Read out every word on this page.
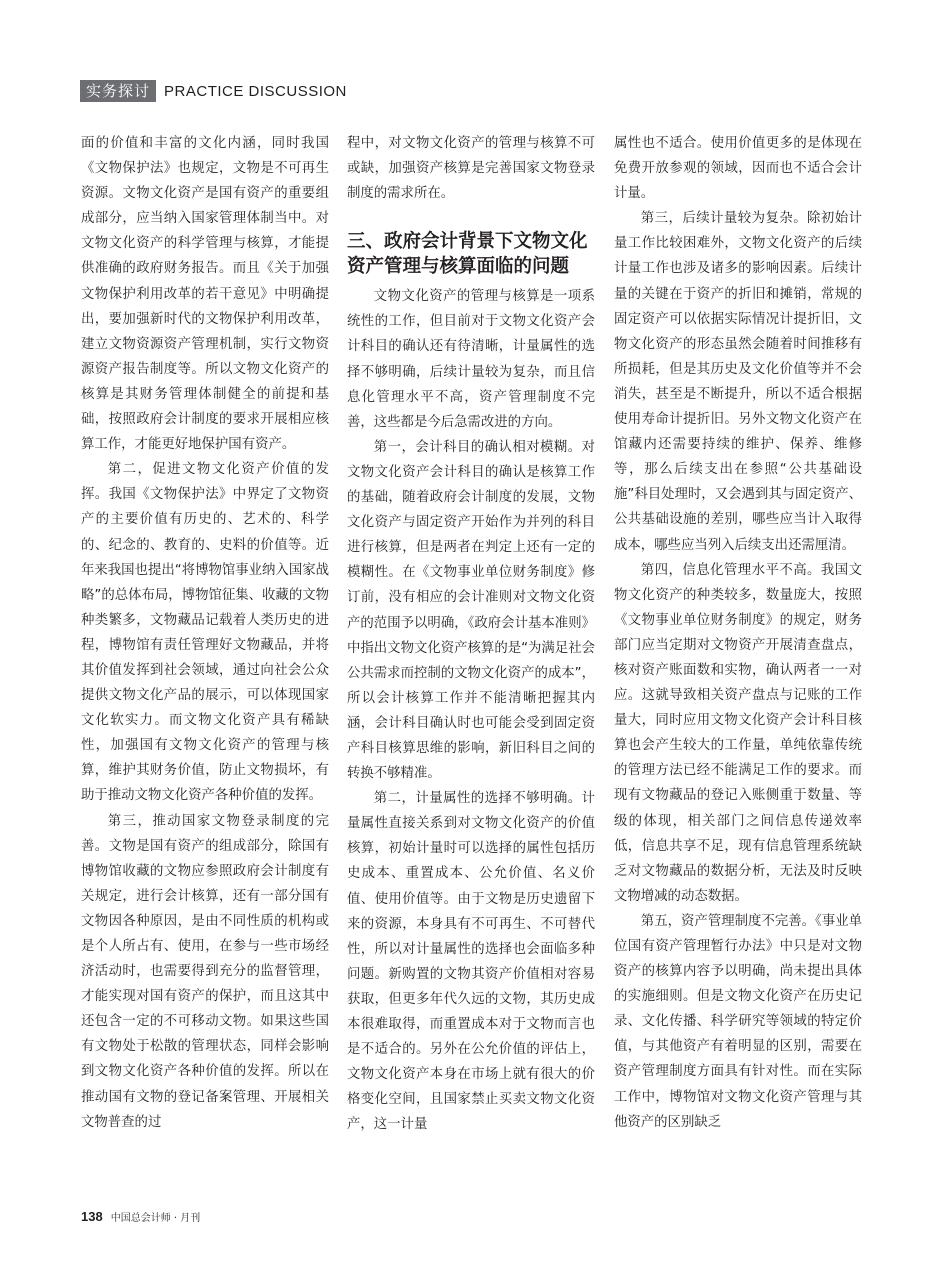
实务探讨 PRACTICE DISCUSSION

面的价值和丰富的文化内涵，同时我国《文物保护法》也规定，文物是不可再生资源。文物文化资产是国有资产的重要组成部分，应当纳入国家管理体制当中。对文物文化资产的科学管理与核算，才能提供准确的政府财务报告。而且《关于加强文物保护利用改革的若干意见》中明确提出，要加强新时代的文物保护利用改革，建立文物资源资产管理机制，实行文物资源资产报告制度等。所以文物文化资产的核算是其财务管理体制健全的前提和基础，按照政府会计制度的要求开展相应核算工作，才能更好地保护国有资产。

第二，促进文物文化资产价值的发挥。我国《文物保护法》中界定了文物资产的主要价值有历史的、艺术的、科学的、纪念的、教育的、史料的价值等。近年来我国也提出“将博物馆事业纳入国家战略”的总体布局，博物馆征集、收藏的文物种类繁多，文物藏品记载着人类历史的进程，博物馆有责任管理好文物藏品，并将其价值发挥到社会领域，通过向社会公众提供文物文化产品的展示，可以体现国家文化软实力。而文物文化资产具有稀缺性，加强国有文物文化资产的管理与核算，维护其财务价值，防止文物损坏，有助于推动文物文化资产各种价值的发挥。

第三，推动国家文物登录制度的完善。文物是国有资产的组成部分，除国有博物馆收藏的文物应参照政府会计制度有关规定，进行会计核算，还有一部分国有文物因各种原因，是由不同性质的机构或是个人所占有、使用，在参与一些市场经济活动时，也需要得到充分的监督管理，才能实现对国有资产的保护，而且这其中还包含一定的不可移动文物。如果这些国有文物处于松散的管理状态，同样会影响到文物文化资产各种价值的发挥。所以在推动国有文物的登记备案管理、开展相关文物普查的过

程中，对文物文化资产的管理与核算不可或缺，加强资产核算是完善国家文物登录制度的需求所在。

三、政府会计背景下文物文化资产管理与核算面临的问题

文物文化资产的管理与核算是一项系统性的工作，但目前对于文物文化资产会计科目的确认还有待清晰，计量属性的选择不够明确，后续计量较为复杂，而且信息化管理水平不高，资产管理制度不完善，这些都是今后急需改进的方向。

第一，会计科目的确认相对模糊。对文物文化资产会计科目的确认是核算工作的基础，随着政府会计制度的发展，文物文化资产与固定资产开始作为并列的科目进行核算，但是两者在判定上还有一定的模糊性。在《文物事业单位财务制度》修订前，没有相应的会计准则对文物文化资产的范围予以明确，《政府会计基本准则》中指出文物文化资产核算的是“为满足社会公共需求而控制的文物文化资产的成本”，所以会计核算工作并不能清晰把握其内涵，会计科目确认时也可能会受到固定资产科目核算思维的影响，新旧科目之间的转换不够精准。

第二，计量属性的选择不够明确。计量属性直接关系到对文物文化资产的价值核算，初始计量时可以选择的属性包括历史成本、重置成本、公允价值、名义价值、使用价值等。由于文物是历史遗留下来的资源，本身具有不可再生、不可替代性，所以对计量属性的选择也会面临多种问题。新购置的文物其资产价值相对容易获取，但更多年代久远的文物，其历史成本很难取得，而重置成本对于文物而言也是不适合的。另外在公允价值的评估上，文物文化资产本身在市场上就有很大的价格变化空间，且国家禁止买卖文物文化资产，这一计量

属性也不适合。使用价值更多的是体现在免费开放参观的领域，因而也不适合会计计量。

第三，后续计量较为复杂。除初始计量工作比较困难外，文物文化资产的后续计量工作也涉及诸多的影响因素。后续计量的关键在于资产的折旧和摊销，常规的固定资产可以依据实际情况计提折旧，文物文化资产的形态虽然会随着时间推移有所损耗，但是其历史及文化价值等并不会消失，甚至是不断提升，所以不适合根据使用寿命计提折旧。另外文物文化资产在馆藏内还需要持续的维护、保养、维修等，那么后续支出在参照“公共基础设施”科目处理时，又会遇到其与固定资产、公共基础设施的差别，哪些应当计入取得成本，哪些应当列入后续支出还需厘清。

第四，信息化管理水平不高。我国文物文化资产的种类较多，数量庞大，按照《文物事业单位财务制度》的规定，财务部门应当定期对文物资产开展清查盘点，核对资产账面数和实物，确认两者一一对应。这就导致相关资产盘点与记账的工作量大，同时应用文物文化资产会计科目核算也会产生较大的工作量，单纯依靠传统的管理方法已经不能满足工作的要求。而现有文物藏品的登记入账侧重于数量、等级的体现，相关部门之间信息传递效率低，信息共享不足，现有信息管理系统缺乏对文物藏品的数据分析，无法及时反映文物增减的动态数据。

第五，资产管理制度不完善。《事业单位国有资产管理暂行办法》中只是对文物资产的核算内容予以明确，尚未提出具体的实施细则。但是文物文化资产在历史记录、文化传播、科学研究等领域的特定价值，与其他资产有着明显的区别，需要在资产管理制度方面具有针对性。而在实际工作中，博物馆对文物文化资产管理与其他资产的区别缺乏

138 中国总会计师 · 月刊
